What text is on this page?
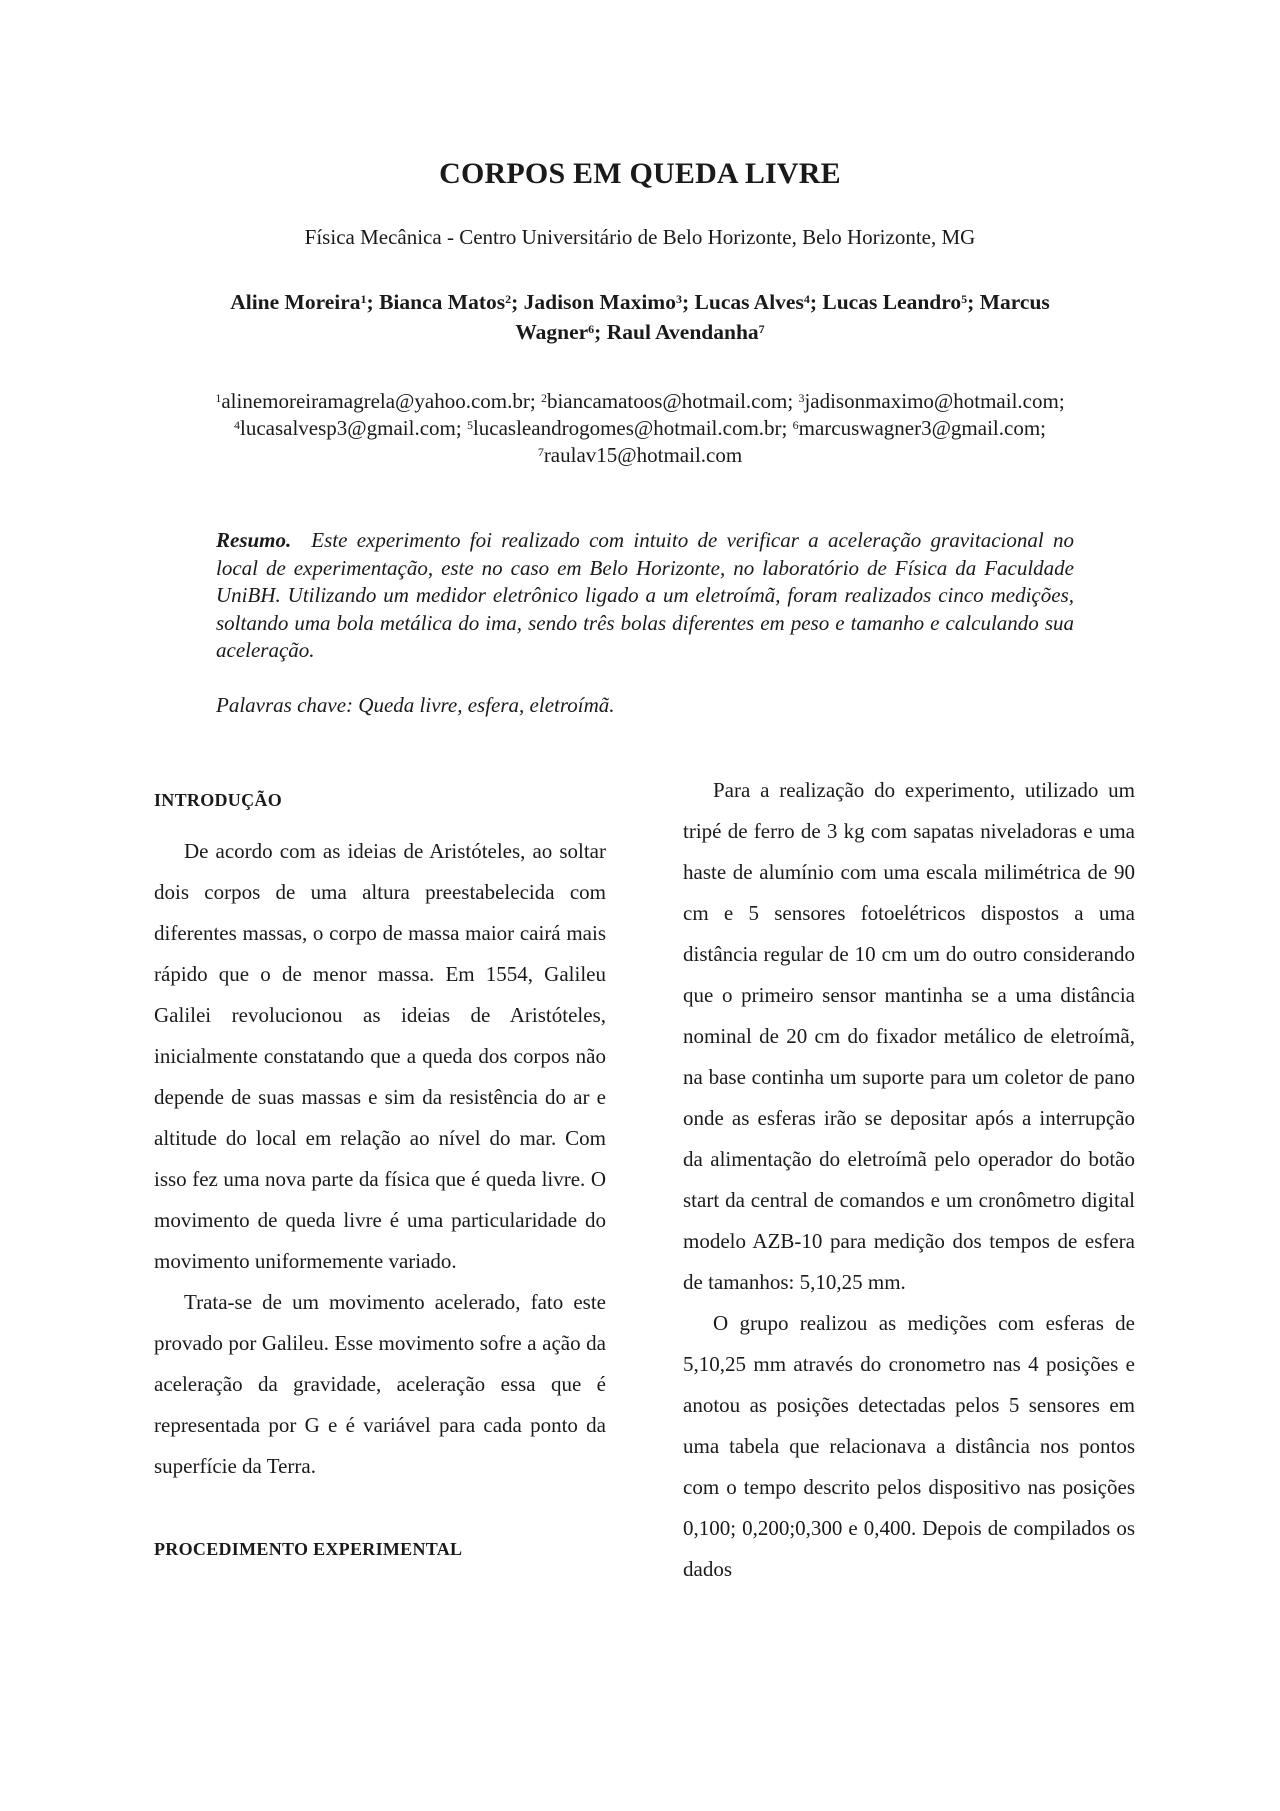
CORPOS EM QUEDA LIVRE
Física Mecânica - Centro Universitário de Belo Horizonte, Belo Horizonte, MG
Aline Moreira$^1$; Bianca Matos$^2$; Jadison Maximo$^3$; Lucas Alves$^4$; Lucas Leandro$^5$; Marcus Wagner$^6$; Raul Avendanha$^7$
$^1$alinemoreiramagrela@yahoo.com.br; $^2$biancamatoos@hotmail.com; $^3$jadisonmaximo@hotmail.com; $^4$lucasalvesp3@gmail.com; $^5$lucasleandrogomes@hotmail.com.br; $^6$marcuswagner3@gmail.com;
$^7$raulav15@hotmail.com
Resumo. Este experimento foi realizado com intuito de verificar a aceleração gravitacional no local de experimentação, este no caso em Belo Horizonte, no laboratório de Física da Faculdade UniBH. Utilizando um medidor eletrônico ligado a um eletroímã, foram realizados cinco medições, soltando uma bola metálica do ima, sendo três bolas diferentes em peso e tamanho e calculando sua aceleração.
Palavras chave: Queda livre, esfera, eletroímã.

INTRODUÇÃO

De acordo com as ideias de Aristóteles, ao soltar dois corpos de uma altura preestabelecida com diferentes massas, o corpo de massa maior cairá mais rápido que o de menor massa. Em 1554, Galileu Galilei revolucionou as ideias de Aristóteles, inicialmente constatando que a queda dos corpos não depende de suas massas e sim da resistência do ar e altitude do local em relação ao nível do mar. Com isso fez uma nova parte da física que é queda livre. O movimento de queda livre é uma particularidade do movimento uniformemente variado.

Trata-se de um movimento acelerado, fato este provado por Galileu. Esse movimento sofre a ação da aceleração da gravidade, aceleração essa que é representada por G e é variável para cada ponto da superfície da Terra.

PROCEDIMENTO EXPERIMENTAL

Para a realização do experimento, utilizado um tripé de ferro de 3 kg com sapatas niveladoras e uma haste de alumínio com uma escala milimétrica de 90 cm e 5 sensores fotoelétricos dispostos a uma distância regular de 10 cm um do outro considerando que o primeiro sensor mantinha se a uma distância nominal de 20 cm do fixador metálico de eletroímã, na base continha um suporte para um coletor de pano onde as esferas irão se depositar após a interrupção da alimentação do eletroímã pelo operador do botão start da central de comandos e um cronômetro digital modelo AZB-10 para medição dos tempos de esfera de tamanhos: 5,10,25 mm.

O grupo realizou as medições com esferas de 5,10,25 mm através do cronometro nas 4 posições e anotou as posições detectadas pelos 5 sensores em uma tabela que relacionava a distância nos pontos com o tempo descrito pelos dispositivo nas posições 0,100; 0,200;0,300 e 0,400. Depois de compilados os dados
